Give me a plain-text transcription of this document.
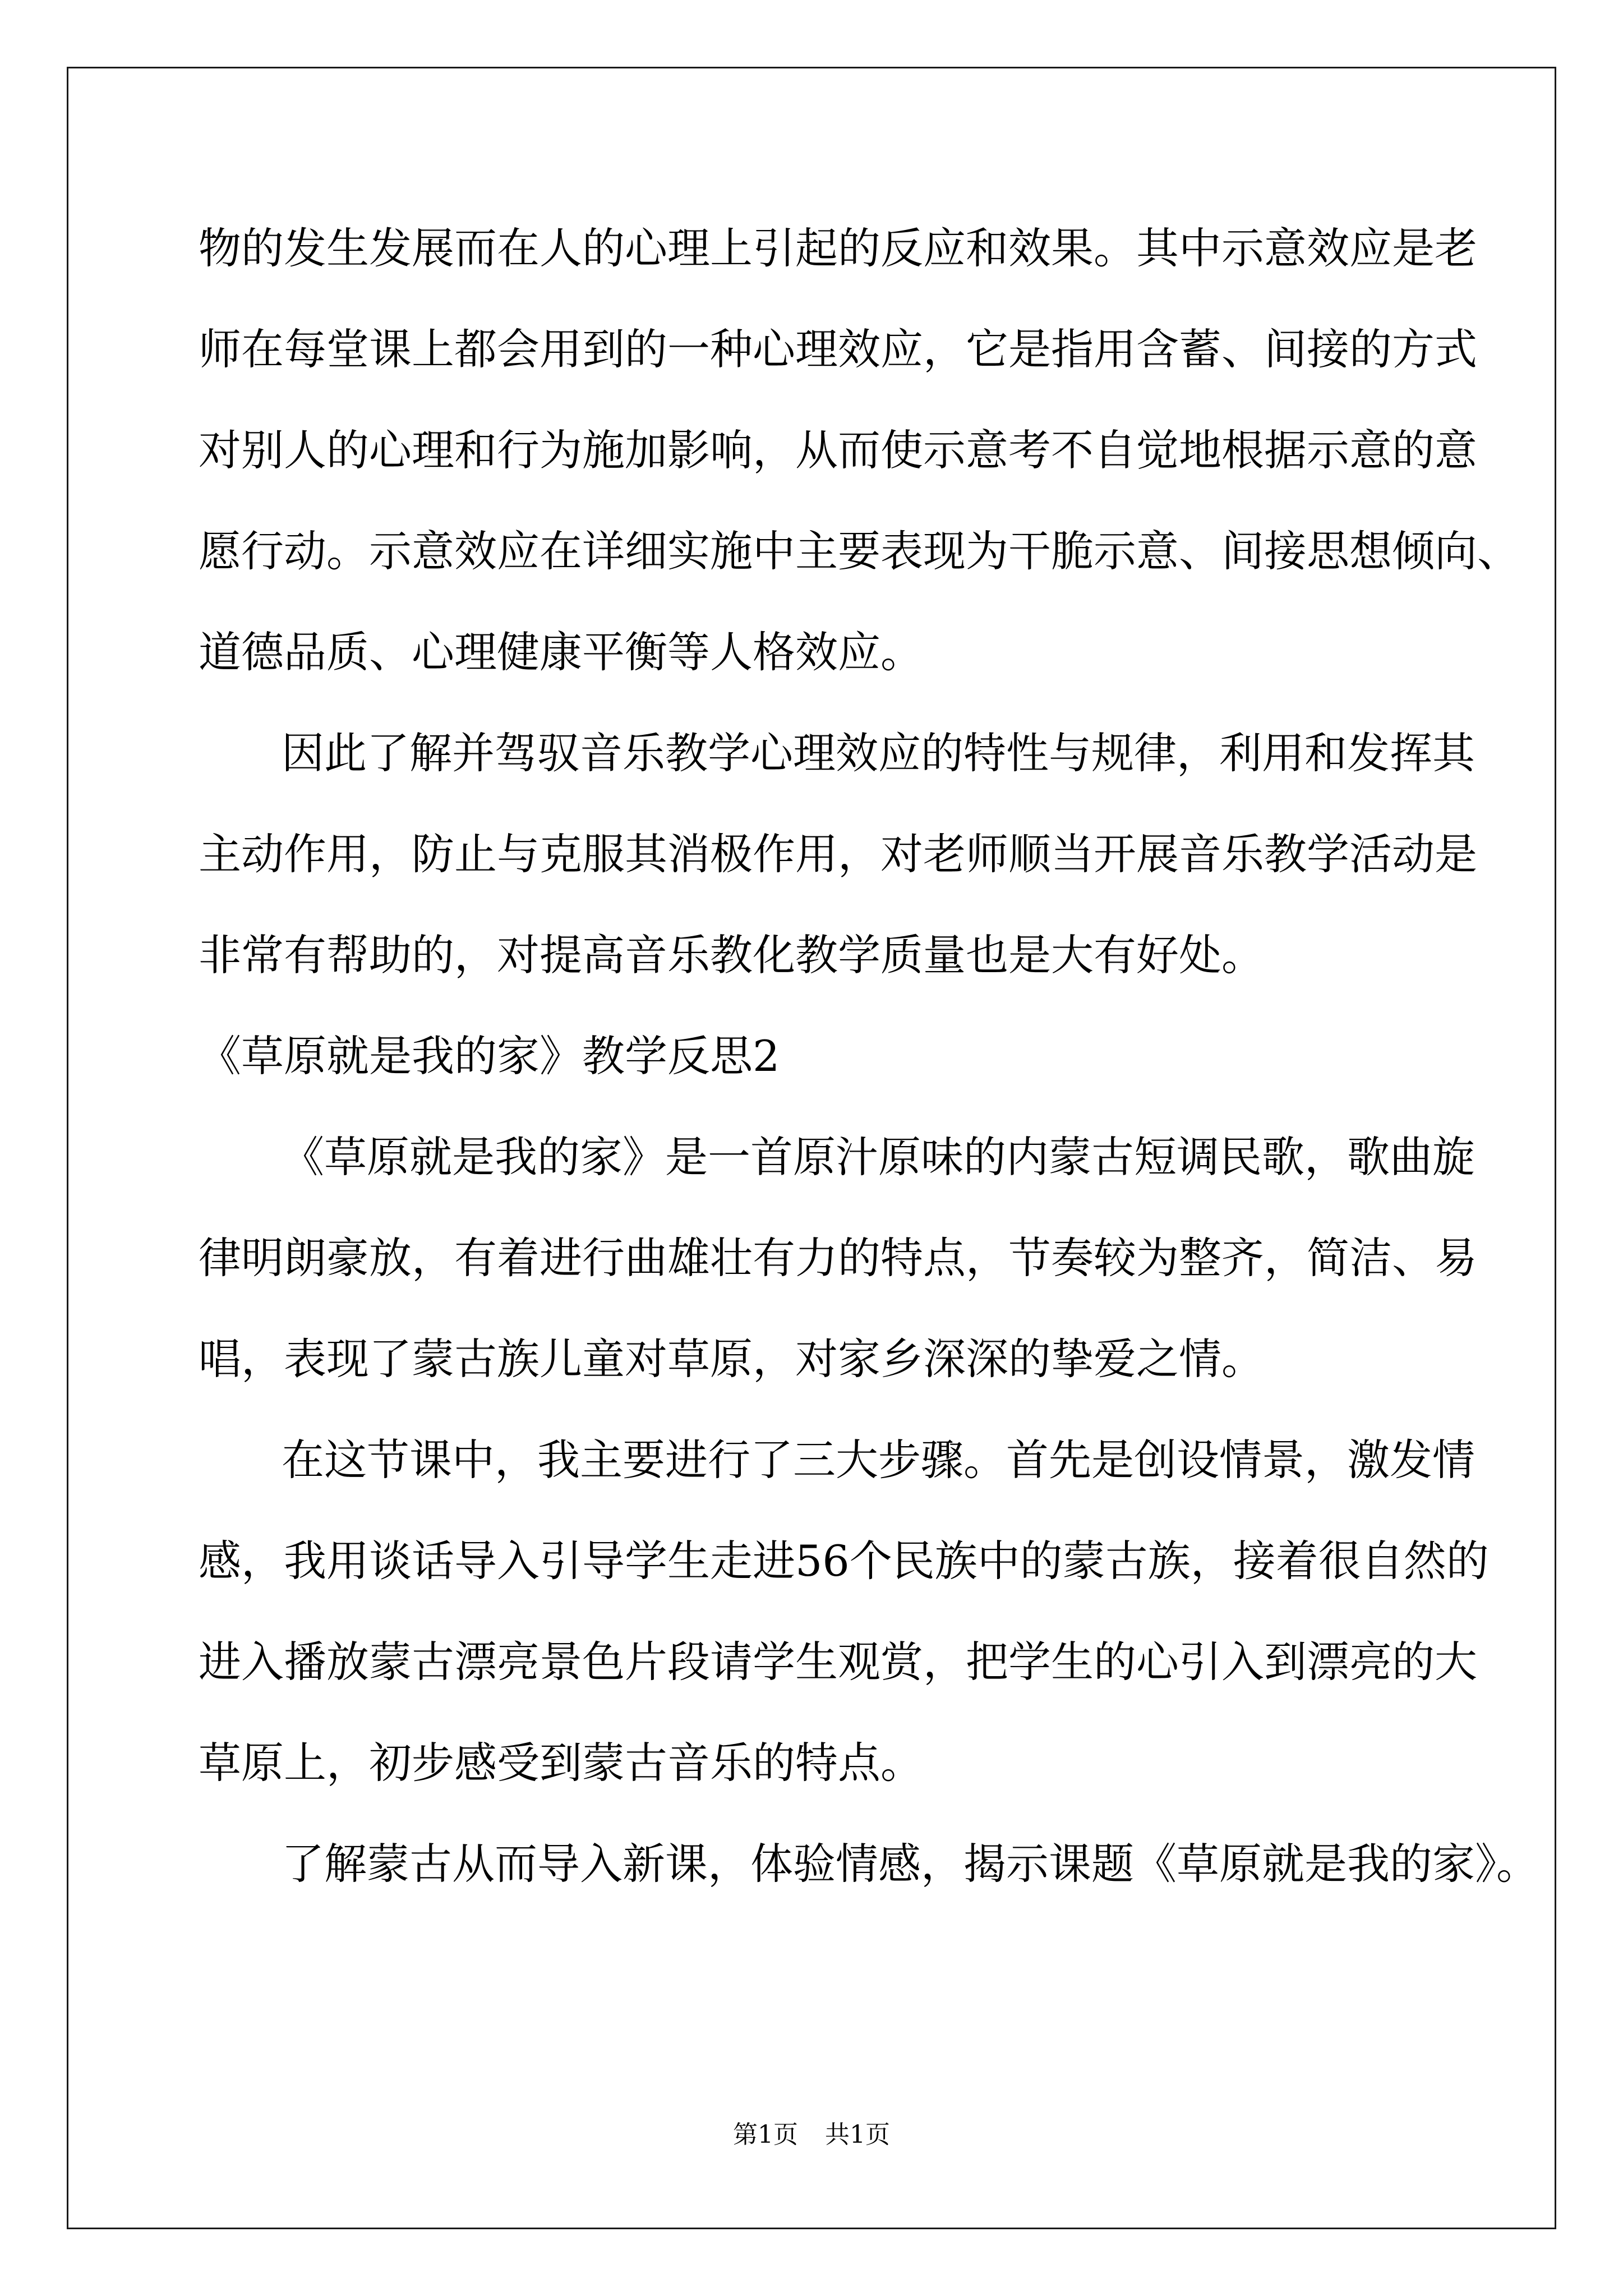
物的发生发展而在人的心理上引起的反应和效果。其中示意效应是老
师在每堂课上都会用到的一种心理效应，它是指用含蓄、间接的方式
对别人的心理和行为施加影响，从而使示意考不自觉地根据示意的意
愿行动。示意效应在详细实施中主要表现为干脆示意、间接思想倾向、
道德品质、心理健康平衡等人格效应。
因此了解并驾驭音乐教学心理效应的特性与规律，利用和发挥其
主动作用，防止与克服其消极作用，对老师顺当开展音乐教学活动是
非常有帮助的，对提高音乐教化教学质量也是大有好处。
《草原就是我的家》教学反思2
《草原就是我的家》是一首原汁原味的内蒙古短调民歌，歌曲旋
律明朗豪放，有着进行曲雄壮有力的特点，节奏较为整齐，简洁、易
唱，表现了蒙古族儿童对草原，对家乡深深的挚爱之情。
在这节课中，我主要进行了三大步骤。首先是创设情景，激发情
感，我用谈话导入引导学生走进56个民族中的蒙古族，接着很自然的
进入播放蒙古漂亮景色片段请学生观赏，把学生的心引入到漂亮的大
草原上，初步感受到蒙古音乐的特点。
了解蒙古从而导入新课，体验情感，揭示课题《草原就是我的家》。
第1页 共1页
